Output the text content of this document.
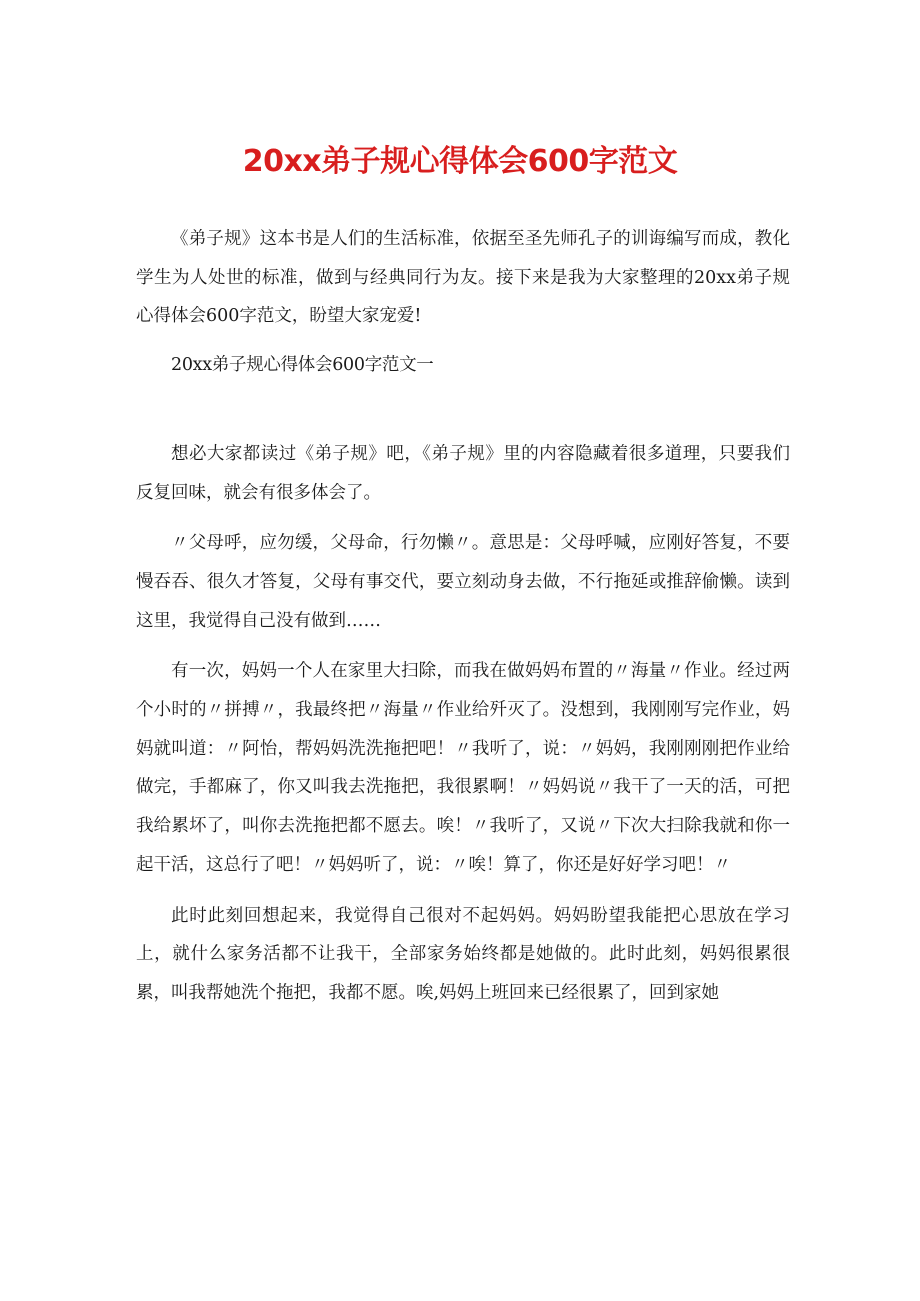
20xx弟子规心得体会600字范文

《弟子规》这本书是人们的生活标准，依据至圣先师孔子的训诲编写而成，教化学生为人处世的标准，做到与经典同行为友。接下来是我为大家整理的20xx弟子规心得体会600字范文，盼望大家宠爱!

20xx弟子规心得体会600字范文一

想必大家都读过《弟子规》吧，《弟子规》里的内容隐藏着很多道理，只要我们反复回味，就会有很多体会了。

〃父母呼，应勿缓，父母命，行勿懒〃。意思是：父母呼喊，应刚好答复，不要慢吞吞、很久才答复，父母有事交代，要立刻动身去做，不行拖延或推辞偷懒。读到这里，我觉得自己没有做到……

有一次，妈妈一个人在家里大扫除，而我在做妈妈布置的〃海量〃作业。经过两个小时的〃拼搏〃，我最终把〃海量〃作业给歼灭了。没想到，我刚刚写完作业，妈妈就叫道：〃阿怡，帮妈妈洗洗拖把吧！〃我听了，说：〃妈妈，我刚刚刚把作业给做完，手都麻了，你又叫我去洗拖把，我很累啊！〃妈妈说〃我干了一天的活，可把我给累坏了，叫你去洗拖把都不愿去。唉！〃我听了，又说〃下次大扫除我就和你一起干活，这总行了吧！〃妈妈听了，说：〃唉！算了，你还是好好学习吧！〃

此时此刻回想起来，我觉得自己很对不起妈妈。妈妈盼望我能把心思放在学习上，就什么家务活都不让我干，全部家务始终都是她做的。此时此刻，妈妈很累很累，叫我帮她洗个拖把，我都不愿。唉,妈妈上班回来已经很累了，回到家她
